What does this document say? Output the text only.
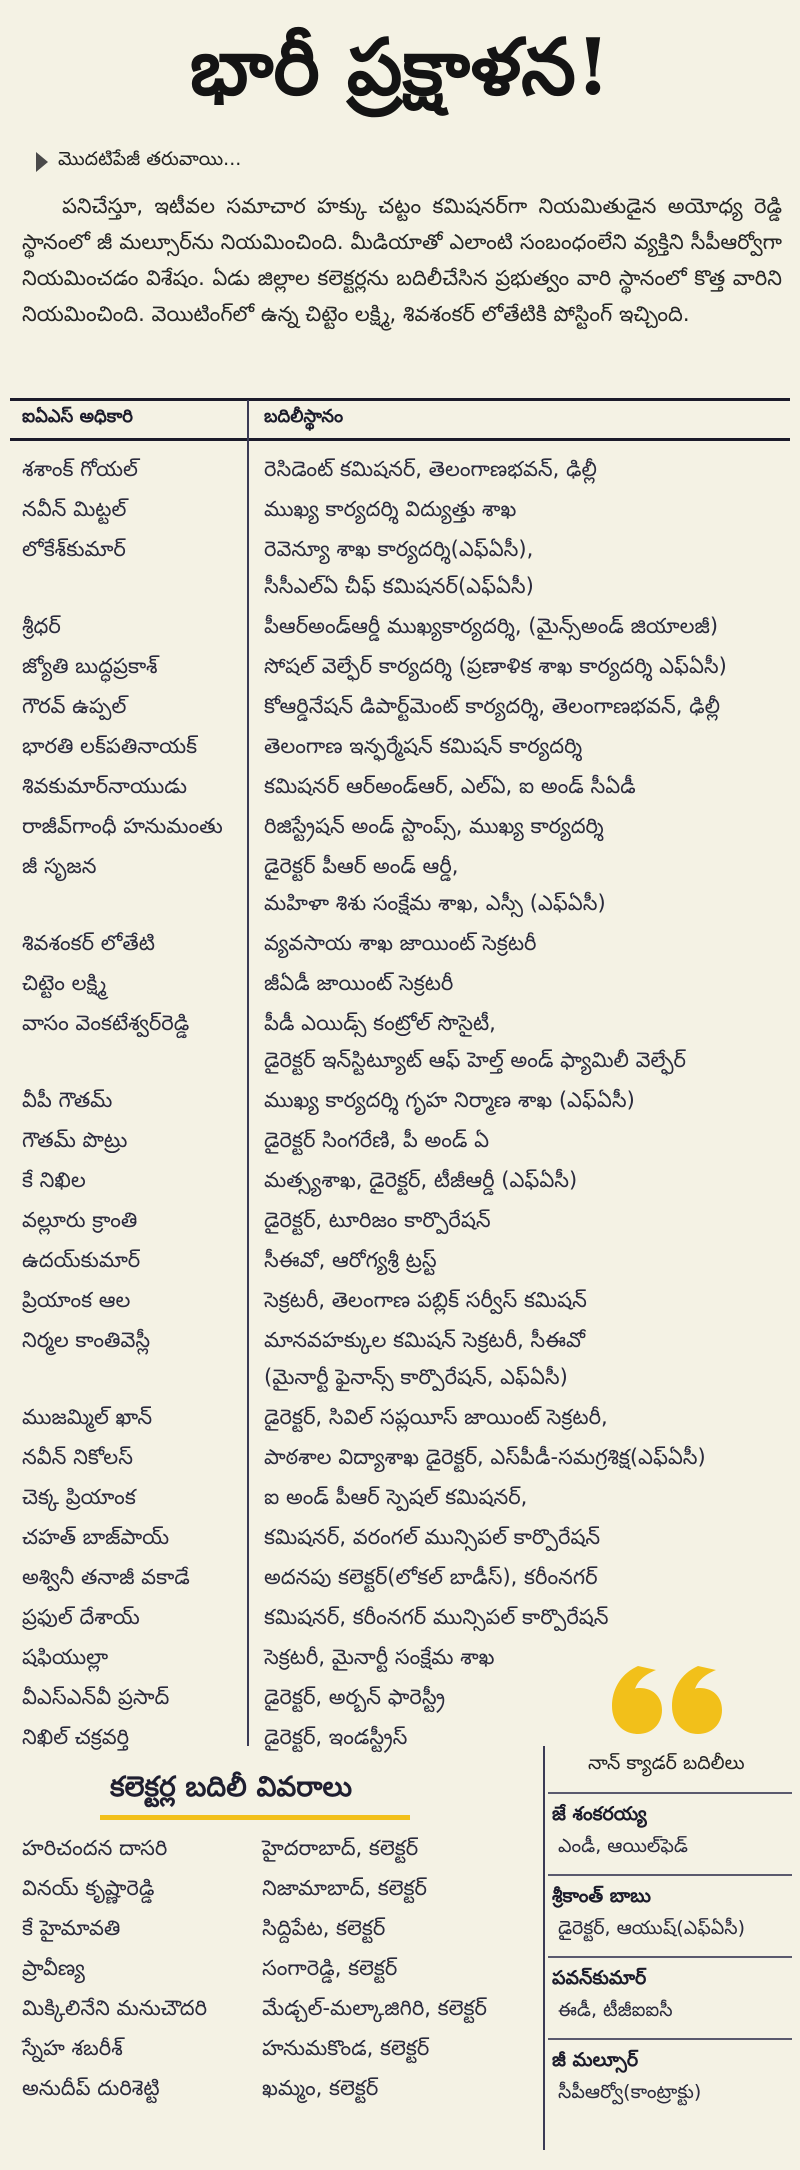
భారీ ప్రక్షాళన!
మొదటిపేజీ తరువాయి...
పనిచేస్తూ, ఇటీవల సమాచార హక్కు చట్టం కమిషనర్‌గా నియమితుడైన అయోధ్య రెడ్డి స్థానంలో జీ మల్సూర్‌ను నియమించింది. మీడియాతో ఎలాంటి సంబంధంలేని వ్యక్తిని సీపీఆర్వోగా నియమించడం విశేషం. ఏడు జిల్లాల కలెక్టర్లను బదిలీచేసిన ప్రభుత్వం వారి స్థానంలో కొత్త వారిని నియమించింది. వెయిటింగ్‌లో ఉన్న చిట్టెం లక్ష్మి, శివశంకర్ లోతేటికి పోస్టింగ్ ఇచ్చింది.
ఐఏఎస్ అధికారి	బదిలీస్థానం
శశాంక్ గోయల్	రెసిడెంట్ కమిషనర్, తెలంగాణభవన్, ఢిల్లీ
నవీన్ మిట్టల్	ముఖ్య కార్యదర్శి విద్యుత్తు శాఖ
లోకేశ్‌కుమార్	రెవెన్యూ శాఖ కార్యదర్శి(ఎఫ్ఏసీ),
సీసీఎల్ఏ చీఫ్ కమిషనర్(ఎఫ్ఏసీ)
శ్రీధర్	పీఆర్అండ్ఆర్డీ ముఖ్యకార్యదర్శి, (మైన్స్అండ్ జియాలజీ)
జ్యోతి బుద్ధప్రకాశ్	సోషల్ వెల్ఫేర్ కార్యదర్శి (ప్రణాళిక శాఖ కార్యదర్శి ఎఫ్ఏసీ)
గౌరవ్ ఉప్పల్	కోఆర్డినేషన్ డిపార్ట్‌మెంట్ కార్యదర్శి, తెలంగాణభవన్, ఢిల్లీ
భారతి లక్‌పతినాయక్	తెలంగాణ ఇన్ఫర్మేషన్ కమిషన్ కార్యదర్శి
శివకుమార్‌నాయుడు	కమిషనర్ ఆర్అండ్ఆర్, ఎల్ఏ, ఐ అండ్ సీఏడీ
రాజీవ్‌గాంధీ హనుమంతు	రిజిస్ట్రేషన్ అండ్ స్టాంప్స్, ముఖ్య కార్యదర్శి
జీ సృజన	డైరెక్టర్ పీఆర్ అండ్ ఆర్డీ,
మహిళా శిశు సంక్షేమ శాఖ, ఎస్సీ (ఎఫ్ఏసీ)
శివశంకర్ లోతేటి	వ్యవసాయ శాఖ జాయింట్ సెక్రటరీ
చిట్టెం లక్ష్మి	జీఏడీ జాయింట్ సెక్రటరీ
వాసం వెంకటేశ్వర్‌రెడ్డి	పీడీ ఎయిడ్స్ కంట్రోల్ సొసైటీ,
డైరెక్టర్ ఇన్‌స్టిట్యూట్ ఆఫ్ హెల్త్ అండ్ ఫ్యామిలీ వెల్ఫేర్
వీపీ గౌతమ్	ముఖ్య కార్యదర్శి గృహ నిర్మాణ శాఖ (ఎఫ్ఏసీ)
గౌతమ్ పొట్రు	డైరెక్టర్ సింగరేణి, పీ అండ్ ఏ
కే నిఖిల	మత్స్యశాఖ, డైరెక్టర్, టీజీఆర్డీ (ఎఫ్ఏసీ)
వల్లూరు క్రాంతి	డైరెక్టర్, టూరిజం కార్పొరేషన్
ఉదయ్‌కుమార్	సీఈవో, ఆరోగ్యశ్రీ ట్రస్ట్
ప్రియాంక ఆల	సెక్రటరీ, తెలంగాణ పబ్లిక్ సర్వీస్ కమిషన్
నిర్మల కాంతివెస్లీ	మానవహక్కుల కమిషన్ సెక్రటరీ, సీఈవో
(మైనార్టీ ఫైనాన్స్ కార్పొరేషన్, ఎఫ్ఏసీ)
ముజమ్మిల్ ఖాన్	డైరెక్టర్, సివిల్ సప్లయీస్ జాయింట్ సెక్రటరీ,
నవీన్ నికోలస్	పాఠశాల విద్యాశాఖ డైరెక్టర్, ఎస్‌పీడీ-సమగ్రశిక్ష(ఎఫ్ఏసీ)
చెక్క ప్రియాంక	ఐ అండ్ పీఆర్ స్పెషల్ కమిషనర్,
చహత్ బాజ్‌పాయ్	కమిషనర్, వరంగల్ మున్సిపల్ కార్పొరేషన్
అశ్వినీ తనాజీ వకాడే	అదనపు కలెక్టర్(లోకల్ బాడీస్), కరీంనగర్
ప్రఫుల్ దేశాయ్	కమిషనర్, కరీంనగర్ మున్సిపల్ కార్పొరేషన్
షఫియుల్లా	సెక్రటరీ, మైనార్టీ సంక్షేమ శాఖ
వీఎస్ఎన్‌వీ ప్రసాద్	డైరెక్టర్, అర్బన్ ఫారెస్ట్రీ
నిఖిల్ చక్రవర్తి	డైరెక్టర్, ఇండస్ట్రీస్
కలెక్టర్ల బదిలీ వివరాలు
హరిచందన దాసరి	హైదరాబాద్, కలెక్టర్
వినయ్ కృష్ణారెడ్డి	నిజామాబాద్, కలెక్టర్
కే హైమావతి	సిద్దిపేట, కలెక్టర్
ప్రావీణ్య	సంగారెడ్డి, కలెక్టర్
మిక్కిలినేని మనుచౌదరి	మేడ్చల్-మల్కాజిగిరి, కలెక్టర్
స్నేహ శబరీశ్	హనుమకొండ, కలెక్టర్
అనుదీప్ దురిశెట్టి	ఖమ్మం, కలెక్టర్
నాన్ క్యాడర్ బదిలీలు
జే శంకరయ్య
ఎండీ, ఆయిల్‌ఫెడ్
శ్రీకాంత్ బాబు
డైరెక్టర్, ఆయుష్(ఎఫ్ఏసీ)
పవన్‌కుమార్
ఈడీ, టీజీఐఐసీ
జీ మల్సూర్
సీపీఆర్వో(కాంట్రాక్టు)
